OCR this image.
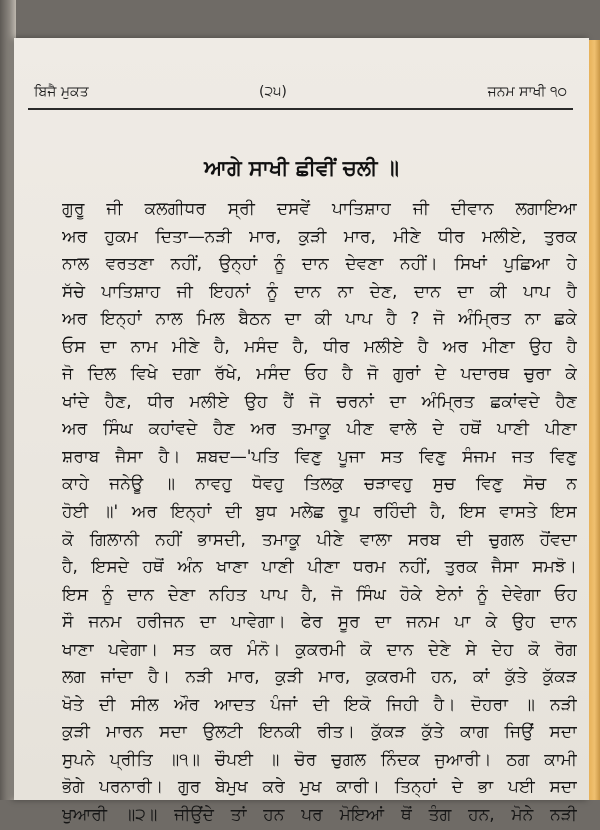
ਬਿਜੈ ਮੁਕਤ	(੨੫)	ਜਨਮ ਸਾਖੀ ੧੦
ਆਗੇ ਸਾਖੀ ਛੀਵੀਂ ਚਲੀ ॥
ਗੁਰੂ ਜੀ ਕਲਗੀਧਰ ਸ੍ਰੀ ਦਸਵੇਂ ਪਾਤਿਸ਼ਾਹ ਜੀ ਦੀਵਾਨ ਲਗਾਇਆ
ਅਰ ਹੁਕਮ ਦਿਤਾ—ਨੜੀ ਮਾਰ, ਕੁੜੀ ਮਾਰ, ਮੀਣੇ ਧੀਰ ਮਲੀਏ, ਤੁਰਕ
ਨਾਲ ਵਰਤਣਾ ਨਹੀਂ, ਉਨ੍ਹਾਂ ਨੂੰ ਦਾਨ ਦੇਵਣਾ ਨਹੀਂ। ਸਿਖਾਂ ਪੁਛਿਆ ਹੇ
ਸੱਚੇ ਪਾਤਿਸ਼ਾਹ ਜੀ ਇਹਨਾਂ ਨੂੰ ਦਾਨ ਨਾ ਦੇਣ, ਦਾਨ ਦਾ ਕੀ ਪਾਪ ਹੈ
ਅਰ ਇਨ੍ਹਾਂ ਨਾਲ ਮਿਲ ਬੈਠਨ ਦਾ ਕੀ ਪਾਪ ਹੈ ? ਜੋ ਅੰਮ੍ਰਿਤ ਨਾ ਛਕੇ
ਓਸ ਦਾ ਨਾਮ ਮੀਣੇ ਹੈ, ਮਸੰਦ ਹੈ, ਧੀਰ ਮਲੀਏ ਹੈ ਅਰ ਮੀਣਾ ਉਹ ਹੈ
ਜੋ ਦਿਲ ਵਿਖੇ ਦਗਾ ਰੱਖੇ, ਮਸੰਦ ਓਹ ਹੈ ਜੋ ਗੁਰਾਂ ਦੇ ਪਦਾਰਥ ਚੁਰਾ ਕੇ
ਖਾਂਦੇ ਹੈਣ, ਧੀਰ ਮਲੀਏ ਉਹ ਹੈਂ ਜੋ ਚਰਨਾਂ ਦਾ ਅੰਮ੍ਰਿਤ ਛਕਾਂਵਦੇ ਹੈਣ
ਅਰ ਸਿੰਘ ਕਹਾਂਵਦੇ ਹੈਣ ਅਰ ਤਮਾਕੂ ਪੀਣ ਵਾਲੇ ਦੇ ਹਥੋਂ ਪਾਣੀ ਪੀਣਾ
ਸ਼ਰਾਬ ਜੈਸਾ ਹੈ। ਸ਼ਬਦ—'ਪਤਿ ਵਿਣੁ ਪੂਜਾ ਸਤ ਵਿਣੁ ਸੰਜਮ ਜਤ ਵਿਣੁ
ਕਾਹੇ ਜਨੇਊ ॥ ਨਾਵਹੁ ਧੋਵਹੁ ਤਿਲਕੁ ਚੜਾਵਹੁ ਸੁਚ ਵਿਣੁ ਸੋਚ ਨ
ਹੋਈ ॥' ਅਰ ਇਨ੍ਹਾਂ ਦੀ ਬੁਧ ਮਲੇਛ ਰੂਪ ਰਹਿੰਦੀ ਹੈ, ਇਸ ਵਾਸਤੇ ਇਸ
ਕੋ ਗਿਲਾਨੀ ਨਹੀਂ ਭਾਸਦੀ, ਤਮਾਕੂ ਪੀਣੇ ਵਾਲਾ ਸਰਬ ਦੀ ਚੁਗਲ ਹੋਂਵਦਾ
ਹੈ, ਇਸਦੇ ਹਥੋਂ ਅੰਨ ਖਾਣਾ ਪਾਣੀ ਪੀਣਾ ਧਰਮ ਨਹੀਂ, ਤੁਰਕ ਜੈਸਾ ਸਮਝੋ।
ਇਸ ਨੂੰ ਦਾਨ ਦੇਣਾ ਨਹਿਤ ਪਾਪ ਹੈ, ਜੋ ਸਿੰਘ ਹੋਕੇ ਏਨਾਂ ਨੂੰ ਦੇਵੇਗਾ ਓਹ
ਸੌ ਜਨਮ ਹਰੀਜਨ ਦਾ ਪਾਵੇਗਾ। ਫੇਰ ਸੂਰ ਦਾ ਜਨਮ ਪਾ ਕੇ ਉਹ ਦਾਨ
ਖਾਣਾ ਪਵੇਗਾ। ਸਤ ਕਰ ਮੰਨੋ। ਕੁਕਰਮੀ ਕੋ ਦਾਨ ਦੇਣੇ ਸੇ ਦੇਹ ਕੋ ਰੋਗ
ਲਗ ਜਾਂਦਾ ਹੈ। ਨੜੀ ਮਾਰ, ਕੁੜੀ ਮਾਰ, ਕੁਕਰਮੀ ਹਨ, ਕਾਂ ਕੁੱਤੇ ਕੁੱਕੜ
ਖੋਤੇ ਦੀ ਸੀਲ ਔਰ ਆਦਤ ਪੰਜਾਂ ਦੀ ਇਕੋ ਜਿਹੀ ਹੈ। ਦੋਹਰਾ ॥ ਨੜੀ
ਕੁੜੀ ਮਾਰਨ ਸਦਾ ਉਲਟੀ ਇਨਕੀ ਰੀਤ। ਕੁੱਕੜ ਕੁੱਤੇ ਕਾਗ ਜਿਉਂ ਸਦਾ
ਸੁਪਨੇ ਪ੍ਰੀਤਿ ॥੧॥ ਚੌਪਈ ॥ ਚੋਰ ਚੁਗਲ ਨਿੰਦਕ ਜੁਆਰੀ। ਠਗ ਕਾਮੀ
ਭੋਗੇ ਪਰਨਾਰੀ। ਗੁਰ ਬੇਮੁਖ ਕਰੇ ਮੁਖ ਕਾਰੀ। ਤਿਨ੍ਹਾਂ ਦੇ ਭਾ ਪਈ ਸਦਾ
ਖੁਆਰੀ ॥੨॥ ਜੀਉਂਦੇ ਤਾਂ ਹਨ ਪਰ ਮੋਇਆਂ ਥੋਂ ਤੰਗ ਹਨ, ਮੋਨੇ ਨੜੀ
